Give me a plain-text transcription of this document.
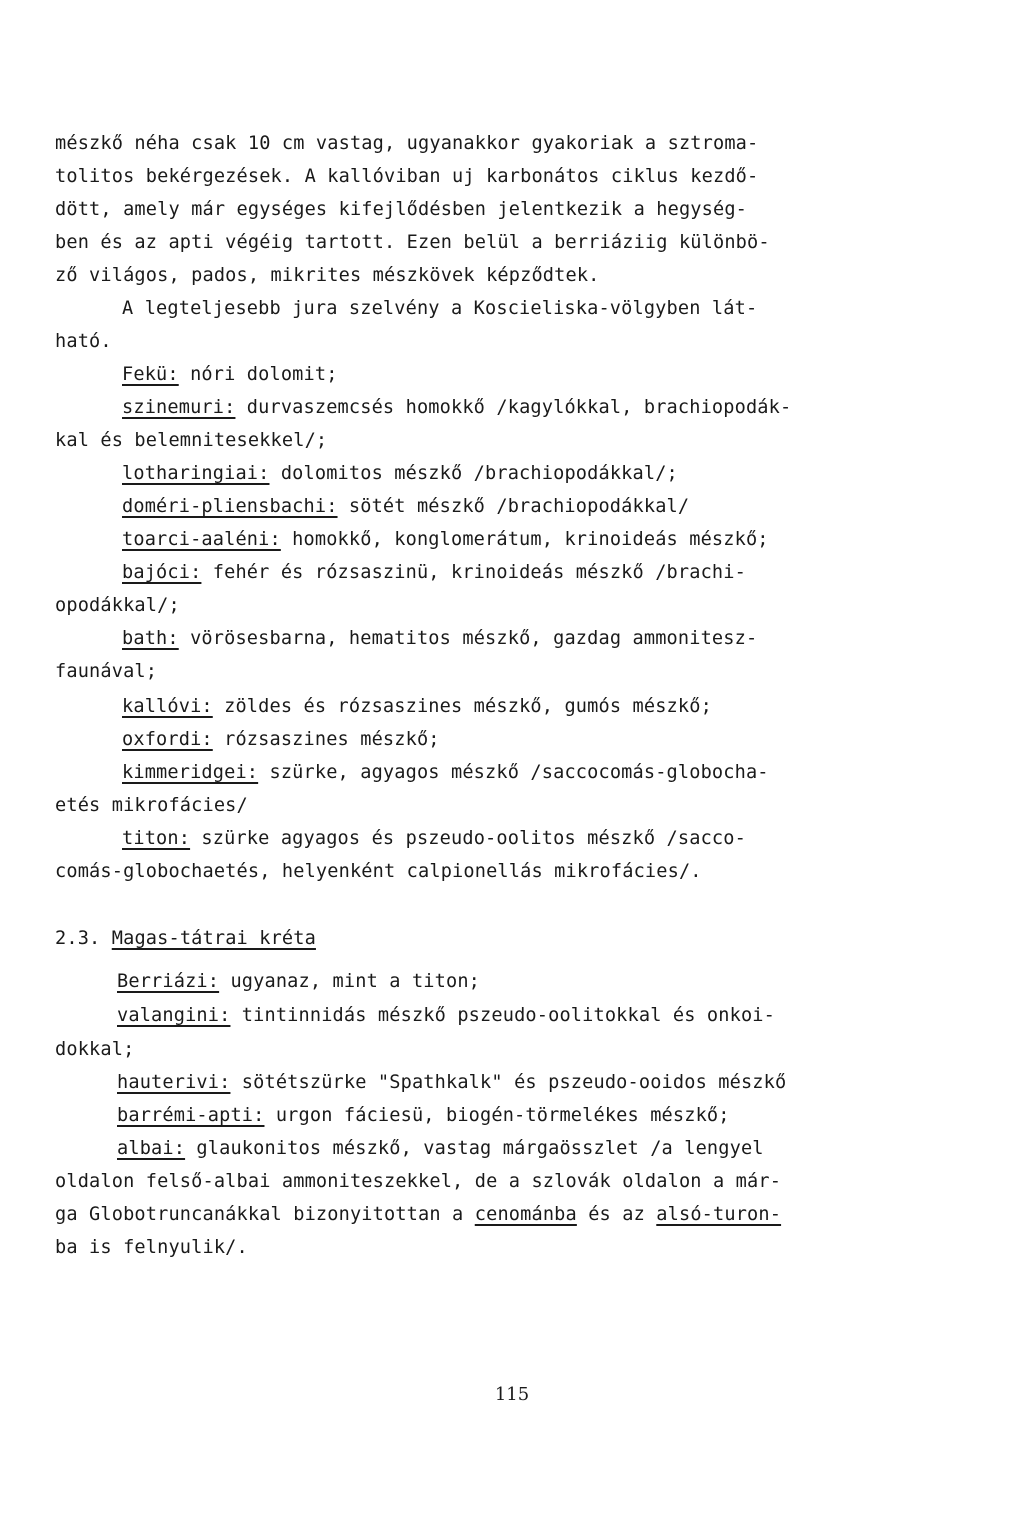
mészkő néha csak 10 cm vastag, ugyanakkor gyakoriak a sztroma-
tolitos bekérgezések. A kallóviban uj karbonátos ciklus kezdő-
dött, amely már egységes kifejlődésben jelentkezik a hegység-
ben és az apti végéig tartott. Ezen belül a berriáziig különbö-
ző világos, pados, mikrites mészkövek képződtek.
A legteljesebb jura szelvény a Koscieliska-völgyben lát-
ható.
Fekü: nóri dolomit;
szinemuri: durvaszemcsés homokkő /kagylókkal, brachiopodák-
kal és belemnitesekkel/;
lotharingiai: dolomitos mészkő /brachiopodákkal/;
doméri-pliensbachi: sötét mészkő /brachiopodákkal/
toarci-aaléni: homokkő, konglomerátum, krinoideás mészkő;
bajóci: fehér és rózsaszinü, krinoideás mészkő /brachi-
opodákkal/;
bath: vörösesbarna, hematitos mészkő, gazdag ammonitesz-
faunával;
kallóvi: zöldes és rózsaszines mészkő, gumós mészkő;
oxfordi: rózsaszines mészkő;
kimmeridgei: szürke, agyagos mészkő /saccocomás-globocha-
etés mikrofácies/
titon: szürke agyagos és pszeudo-oolitos mészkő /sacco-
comás-globochaetés, helyenként calpionellás mikrofácies/.
2.3. Magas-tátrai kréta
Berriázi: ugyanaz, mint a titon;
valangini: tintinnidás mészkő pszeudo-oolitokkal és onkoi-
dokkal;
hauterivi: sötétszürke "Spathkalk" és pszeudo-ooidos mészkő
barrémi-apti: urgon fáciesü, biogén-törmelékes mészkő;
albai: glaukonitos mészkő, vastag márgaösszlet /a lengyel
oldalon felső-albai ammoniteszekkel, de a szlovák oldalon a már-
ga Globotruncanákkal bizonyitottan a cenománba és az alsó-turon-
ba is felnyulik/.
115
